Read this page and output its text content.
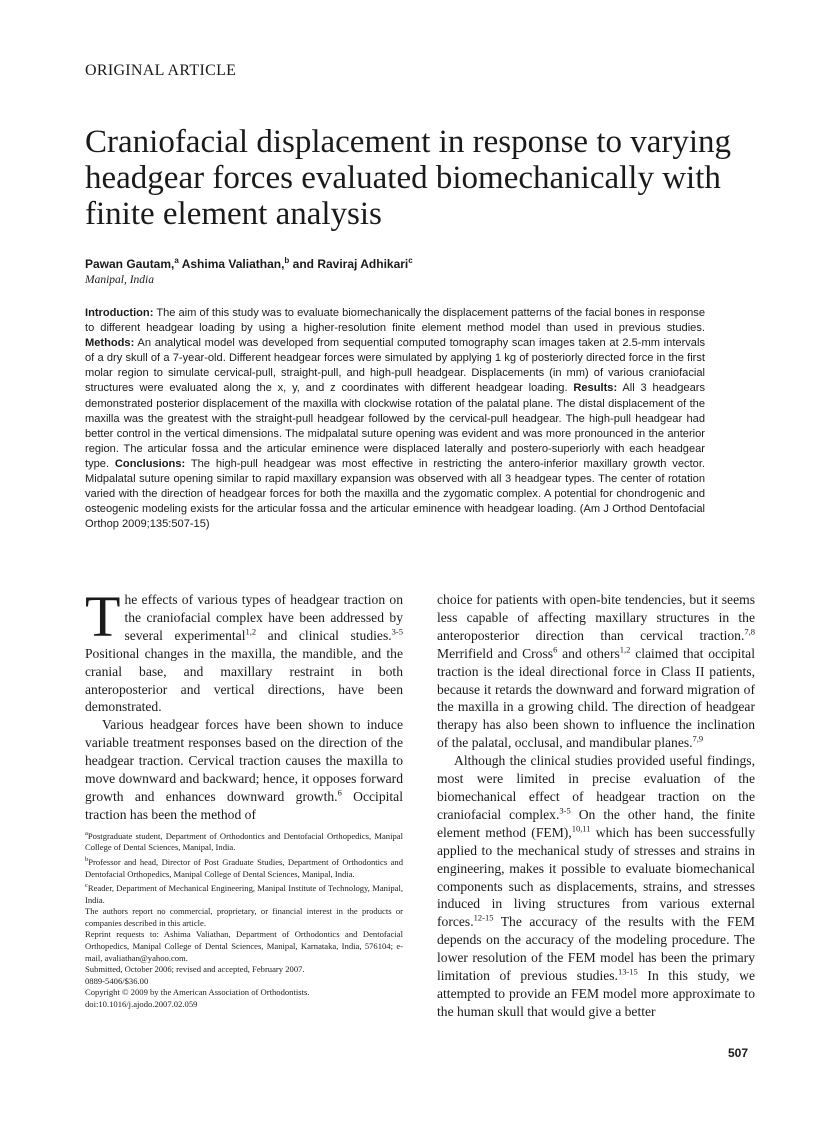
ORIGINAL ARTICLE
Craniofacial displacement in response to varying headgear forces evaluated biomechanically with finite element analysis
Pawan Gautam,$^a$ Ashima Valiathan,$^b$ and Raviraj Adhikari$^c$
Manipal, India

Introduction: The aim of this study was to evaluate biomechanically the displacement patterns of the facial bones in response to different headgear loading by using a higher-resolution finite element method model than used in previous studies. Methods: An analytical model was developed from sequential computed tomography scan images taken at 2.5-mm intervals of a dry skull of a 7-year-old. Different headgear forces were simulated by applying 1 kg of posteriorly directed force in the first molar region to simulate cervical-pull, straight-pull, and high-pull headgear. Displacements (in mm) of various craniofacial structures were evaluated along the x, y, and z coordinates with different headgear loading. Results: All 3 headgears demonstrated posterior displacement of the maxilla with clockwise rotation of the palatal plane. The distal displacement of the maxilla was the greatest with the straight-pull headgear followed by the cervical-pull headgear. The high-pull headgear had better control in the vertical dimensions. The midpalatal suture opening was evident and was more pronounced in the anterior region. The articular fossa and the articular eminence were displaced laterally and postero-superiorly with each headgear type. Conclusions: The high-pull headgear was most effective in restricting the antero-inferior maxillary growth vector. Midpalatal suture opening similar to rapid maxillary expansion was observed with all 3 headgear types. The center of rotation varied with the direction of headgear forces for both the maxilla and the zygomatic complex. A potential for chondrogenic and osteogenic modeling exists for the articular fossa and the articular eminence with headgear loading. (Am J Orthod Dentofacial Orthop 2009;135:507-15)

The effects of various types of headgear traction on the craniofacial complex have been addressed by several experimental$^{1,2}$ and clinical studies.$^{3-5}$ Positional changes in the maxilla, the mandible, and the cranial base, and maxillary restraint in both anteroposterior and vertical directions, have been demonstrated.

Various headgear forces have been shown to induce variable treatment responses based on the direction of the headgear traction. Cervical traction causes the maxilla to move downward and backward; hence, it opposes forward growth and enhances downward growth.$^6$ Occipital traction has been the method of

choice for patients with open-bite tendencies, but it seems less capable of affecting maxillary structures in the anteroposterior direction than cervical traction.$^{7,8}$ Merrifield and Cross$^6$ and others$^{1,2}$ claimed that occipital traction is the ideal directional force in Class II patients, because it retards the downward and forward migration of the maxilla in a growing child. The direction of headgear therapy has also been shown to influence the inclination of the palatal, occlusal, and mandibular planes.$^{7,9}$

Although the clinical studies provided useful findings, most were limited in precise evaluation of the biomechanical effect of headgear traction on the craniofacial complex.$^{3-5}$ On the other hand, the finite element method (FEM),$^{10,11}$ which has been successfully applied to the mechanical study of stresses and strains in engineering, makes it possible to evaluate biomechanical components such as displacements, strains, and stresses induced in living structures from various external forces.$^{12-15}$ The accuracy of the results with the FEM depends on the accuracy of the modeling procedure. The lower resolution of the FEM model has been the primary limitation of previous studies.$^{13-15}$ In this study, we attempted to provide an FEM model more approximate to the human skull that would give a better

$^a$Postgraduate student, Department of Orthodontics and Dentofacial Orthopedics, Manipal College of Dental Sciences, Manipal, India.

$^b$Professor and head, Director of Post Graduate Studies, Department of Orthodontics and Dentofacial Orthopedics, Manipal College of Dental Sciences, Manipal, India.

$^c$Reader, Department of Mechanical Engineering, Manipal Institute of Technology, Manipal, India.

The authors report no commercial, proprietary, or financial interest in the products or companies described in this article.

Reprint requests to: Ashima Valiathan, Department of Orthodontics and Dentofacial Orthopedics, Manipal College of Dental Sciences, Manipal, Karnataka, India, 576104; e-mail, avaliathan@yahoo.com.

Submitted, October 2006; revised and accepted, February 2007.

0889-5406/$36.00

Copyright © 2009 by the American Association of Orthodontists.

doi:10.1016/j.ajodo.2007.02.059

507
